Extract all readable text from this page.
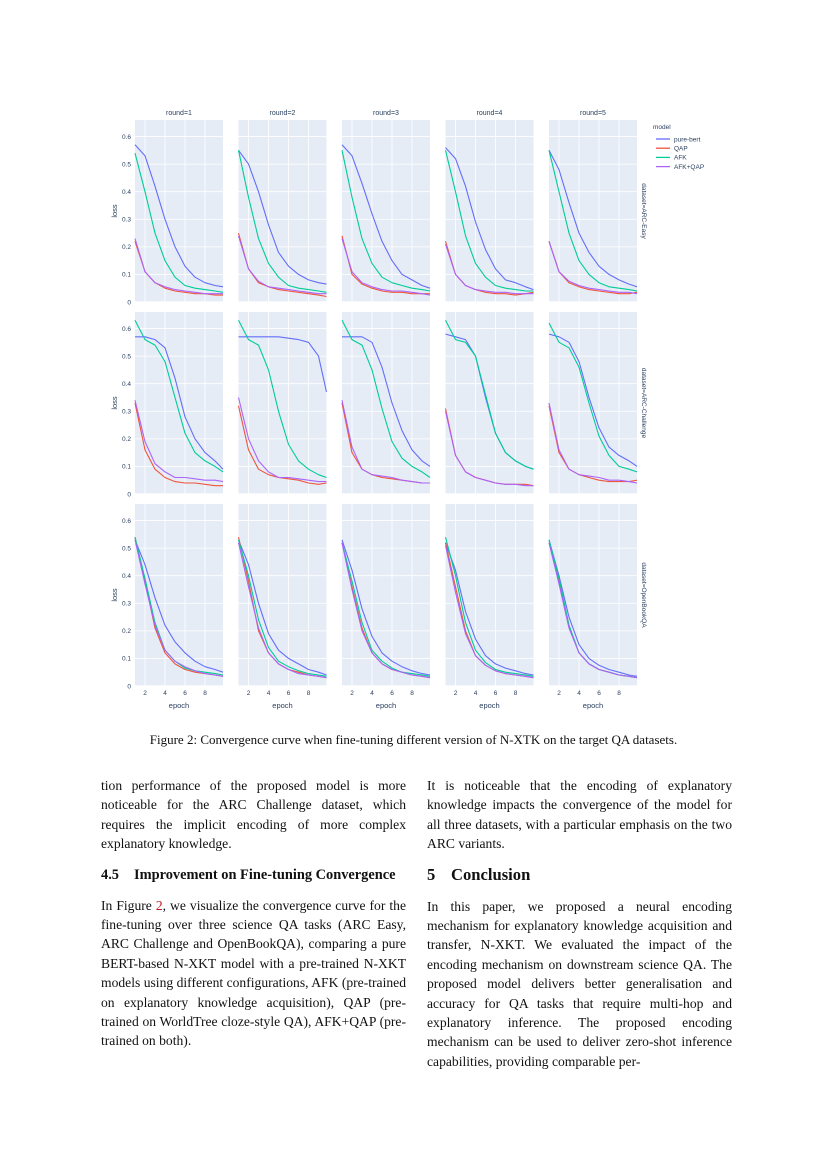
round=1	round=2	round=3	round=4	round=5
0
0.1
0.2
0.3
0.4
0.5
0.6
loss	dataset=ARC-Easy
0
0.1
0.2
0.3
0.4
0.5
0.6
loss	dataset=ARC-Challenge
2	4	6	8
epoch
2	4	6	8
epoch
2	4	6	8
epoch
2	4	6	8
epoch
2	4	6	8
epoch
0
0.1
0.2
0.3
0.4
0.5
0.6
loss	dataset=OpenBookQA
model
pure-bert
QAP
AFK
AFK+QAP
Figure 2: Convergence curve when fine-tuning different version of N-XTK on the target QA datasets.

tion performance of the proposed model is more noticeable for the ARC Challenge dataset, which requires the implicit encoding of more complex explanatory knowledge.

4.5	Improvement on Fine-tuning Convergence

In Figure 2, we visualize the convergence curve for the fine-tuning over three science QA tasks (ARC Easy, ARC Challenge and OpenBookQA), comparing a pure BERT-based N-XKT model with a pre-trained N-XKT models using different configurations, AFK (pre-trained on explanatory knowledge acquisition), QAP (pre-trained on WorldTree cloze-style QA), AFK+QAP (pre-trained on both).

It is noticeable that the encoding of explanatory knowledge impacts the convergence of the model for all three datasets, with a particular emphasis on the two ARC variants.

5 Conclusion

In this paper, we proposed a neural encoding mechanism for explanatory knowledge acquisition and transfer, N-XKT. We evaluated the impact of the encoding mechanism on downstream science QA. The proposed model delivers better generalisation and accuracy for QA tasks that require multi-hop and explanatory inference. The proposed encoding mechanism can be used to deliver zero-shot inference capabilities, providing comparable per-
